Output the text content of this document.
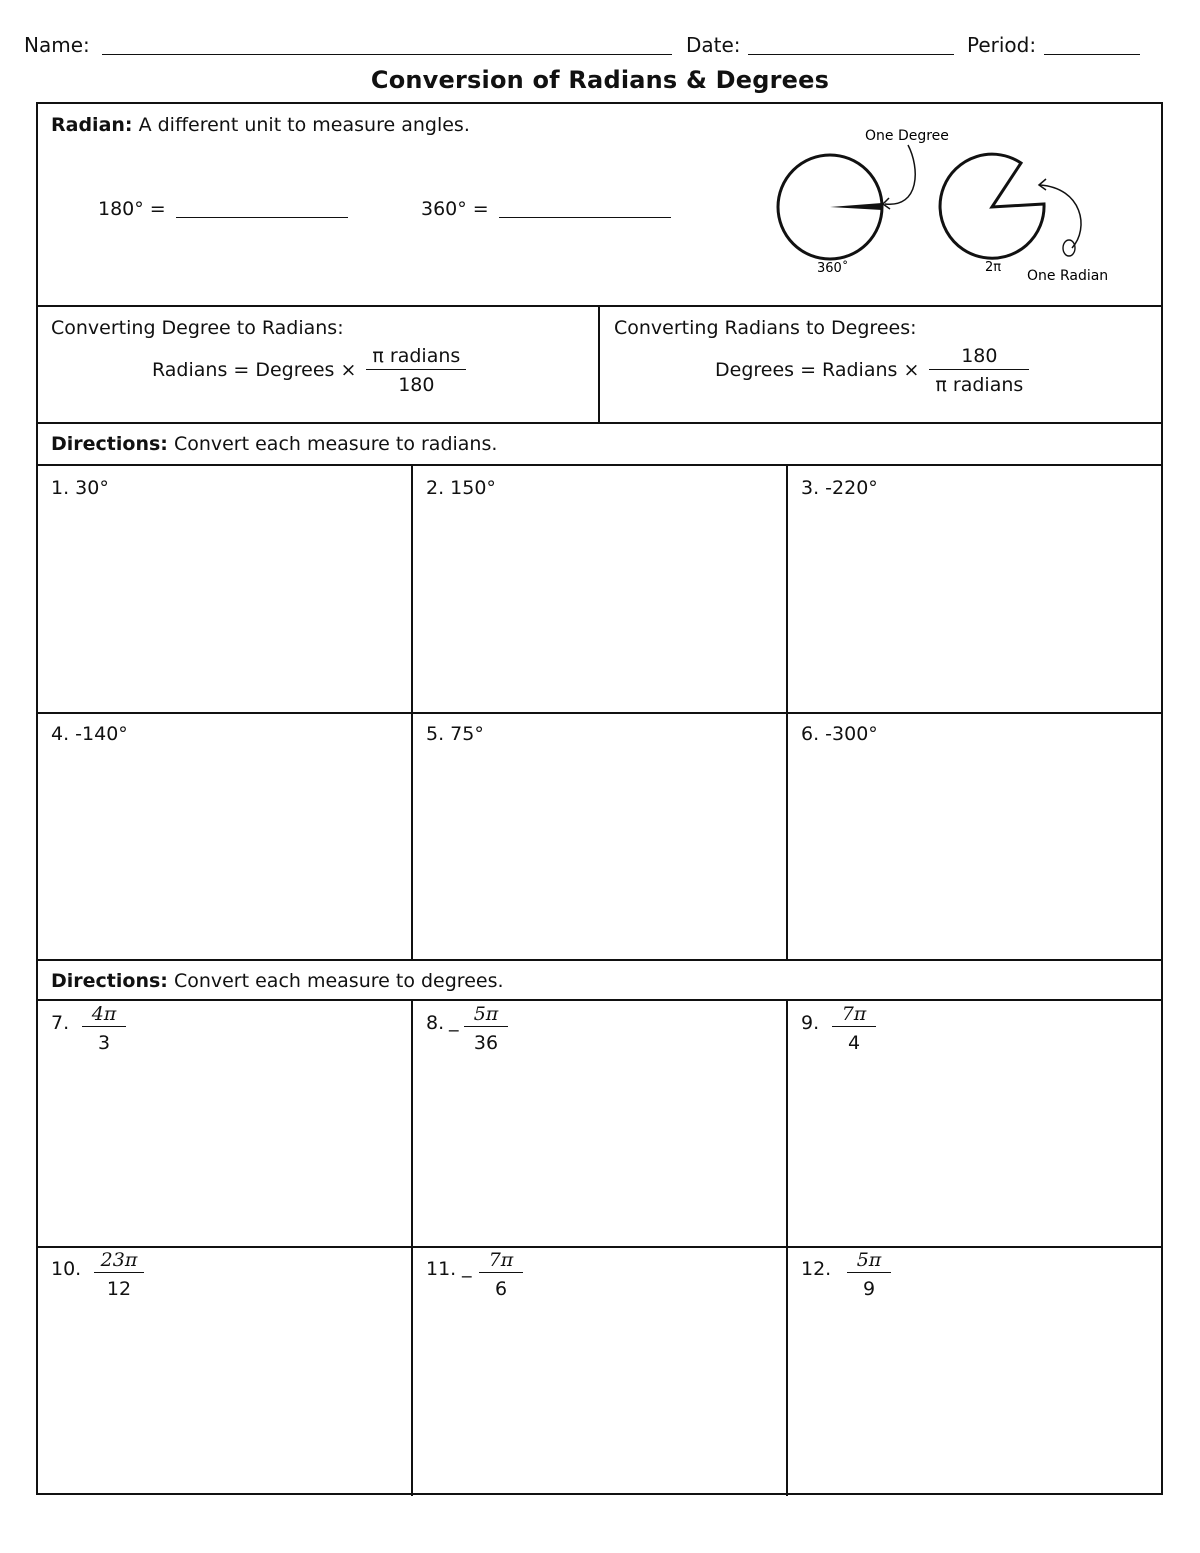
Name:	Date:	Period:
Conversion of Radians & Degrees
Radian: A different unit to measure angles.
180° =	360° =
One Degree
360˚	2π
One Radian
Converting Degree to Radians:
Radians = Degrees × $\frac{\text{π radians}}{180}$
Converting Radians to Degrees:
Degrees = Radians × $\frac{180}{\text{π radians}}$
Directions: Convert each measure to radians.
1. 30°	2. 150°	3. -220°
4. -140°	5. 75°	6. -300°
Directions: Convert each measure to degrees.
7. $\frac{4\pi}{3}$	8. _ $\frac{5\pi}{36}$	9. $\frac{7\pi}{4}$
10. $\frac{23\pi}{12}$	11. _ $\frac{7\pi}{6}$	12. $\frac{5\pi}{9}$
